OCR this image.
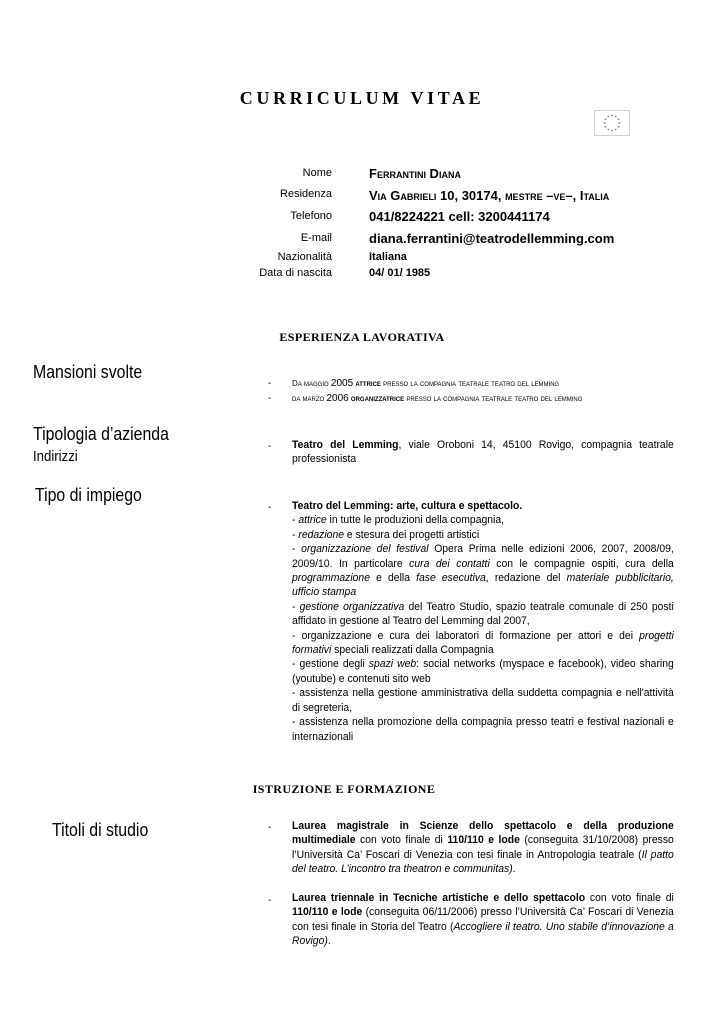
CURRICULUM VITAE
Nome	Ferrantini Diana
Residenza	Via Gabrieli 10, 30174, mestre –ve–, Italia
Telefono	041/8224221 cell: 3200441174
E-mail	diana.ferrantini@teatrodellemming.com
Nazionalità	Italiana
Data di nascita	04/ 01/ 1985
ESPERIENZA LAVORATIVA
Mansioni svolte
-	Da maggio 2005 attrice presso la compagnia teatrale teatro del lemming
-	da marzo 2006 organizzatrice presso la compagnia teatrale teatro del lemming
Tipologia d’azienda
Indirizzi
- Teatro del Lemming, viale Oroboni 14, 45100 Rovigo, compagnia teatrale professionista
Tipo di impiego
- Teatro del Lemming: arte, cultura e spettacolo.
- attrice in tutte le produzioni della compagnia,
- redazione e stesura dei progetti artistici
- organizzazione del festival Opera Prima nelle edizioni 2006, 2007, 2008/09, 2009/10. In particolare cura dei contatti con le compagnie ospiti, cura della programmazione e della fase esecutiva, redazione del materiale pubblicitario, ufficio stampa
- gestione organizzativa del Teatro Studio, spazio teatrale comunale di 250 posti affidato in gestione al Teatro del Lemming dal 2007,
- organizzazione e cura dei laboratori di formazione per attori e dei progetti formativi speciali realizzati dalla Compagnia
- gestione degli spazi web: social networks (myspace e facebook), video sharing (youtube) e contenuti sito web
- assistenza nella gestione amministrativa della suddetta compagnia e nell'attività di segreteria,
- assistenza nella promozione della compagnia presso teatri e festival nazionali e internazionali
ISTRUZIONE E FORMAZIONE
Titoli di studio	- Laurea magistrale in Scienze dello spettacolo e della produzione multimediale con voto finale di 110/110 e lode (conseguita 31/10/2008) presso l’Università Ca’ Foscari di Venezia con tesi finale in Antropologia teatrale (Il patto del teatro. L’incontro tra theatron e communitas).
- Laurea triennale in Tecniche artistiche e dello spettacolo con voto finale di 110/110 e lode (conseguita 06/11/2006) presso l’Università Ca’ Foscari di Venezia con tesi finale in Storia del Teatro (Accogliere il teatro. Uno stabile d’innovazione a Rovigo).
